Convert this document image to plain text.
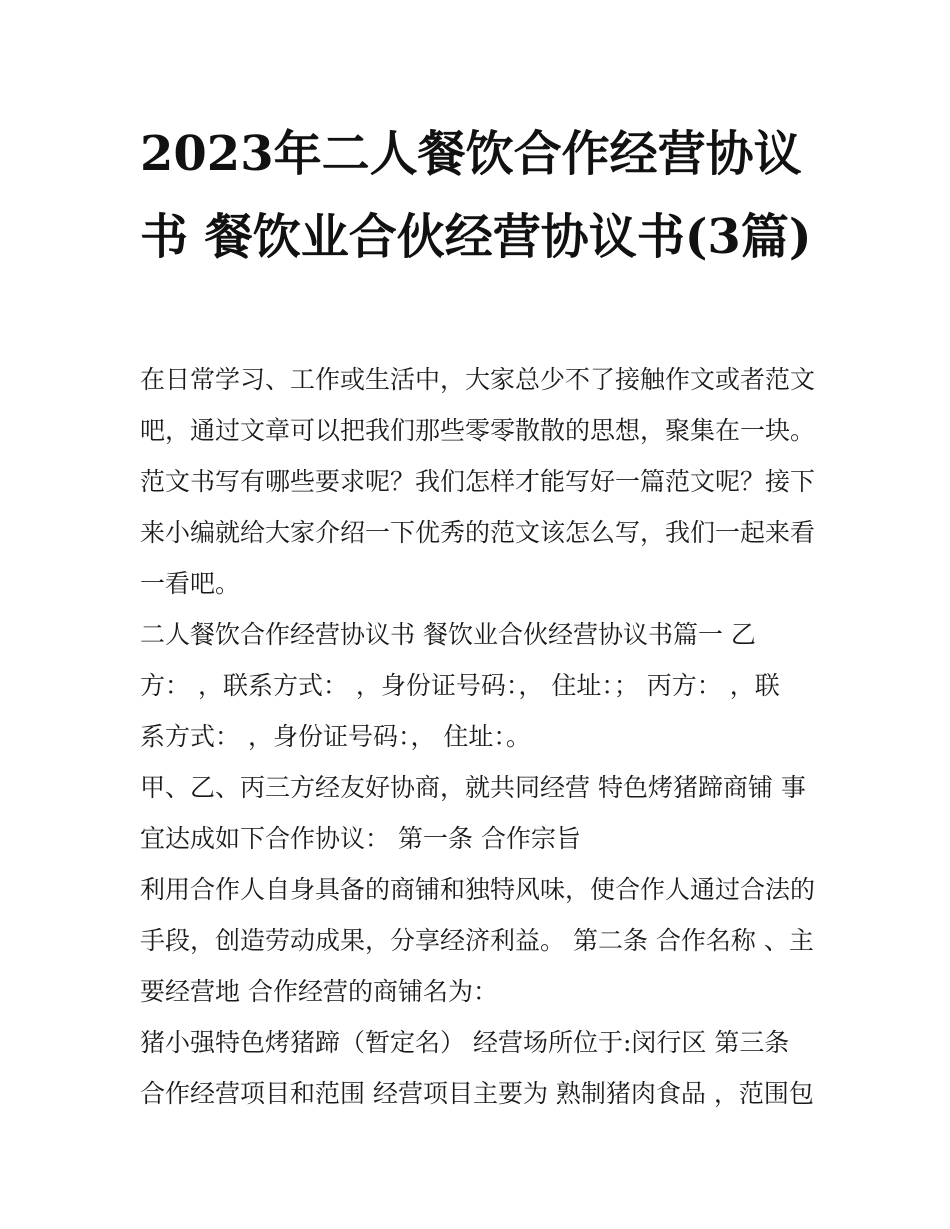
2023年二人餐饮合作经营协议书 餐饮业合伙经营协议书(3篇)
在日常学习、工作或生活中，大家总少不了接触作文或者范文
吧，通过文章可以把我们那些零零散散的思想，聚集在一块。
范文书写有哪些要求呢？我们怎样才能写好一篇范文呢？接下
来小编就给大家介绍一下优秀的范文该怎么写，我们一起来看
一看吧。
二人餐饮合作经营协议书 餐饮业合伙经营协议书篇一 乙
方： ，联系方式： ，身份证号码：， 住址：； 丙方： ，联
系方式： ，身份证号码：， 住址：。
甲、乙、丙三方经友好协商，就共同经营 特色烤猪蹄商铺 事
宜达成如下合作协议： 第一条 合作宗旨
利用合作人自身具备的商铺和独特风味，使合作人通过合法的
手段，创造劳动成果，分享经济利益。 第二条 合作名称 、主
要经营地 合作经营的商铺名为：
猪小强特色烤猪蹄（暂定名） 经营场所位于:闵行区 第三条
合作经营项目和范围 经营项目主要为 熟制猪肉食品 ，范围包
